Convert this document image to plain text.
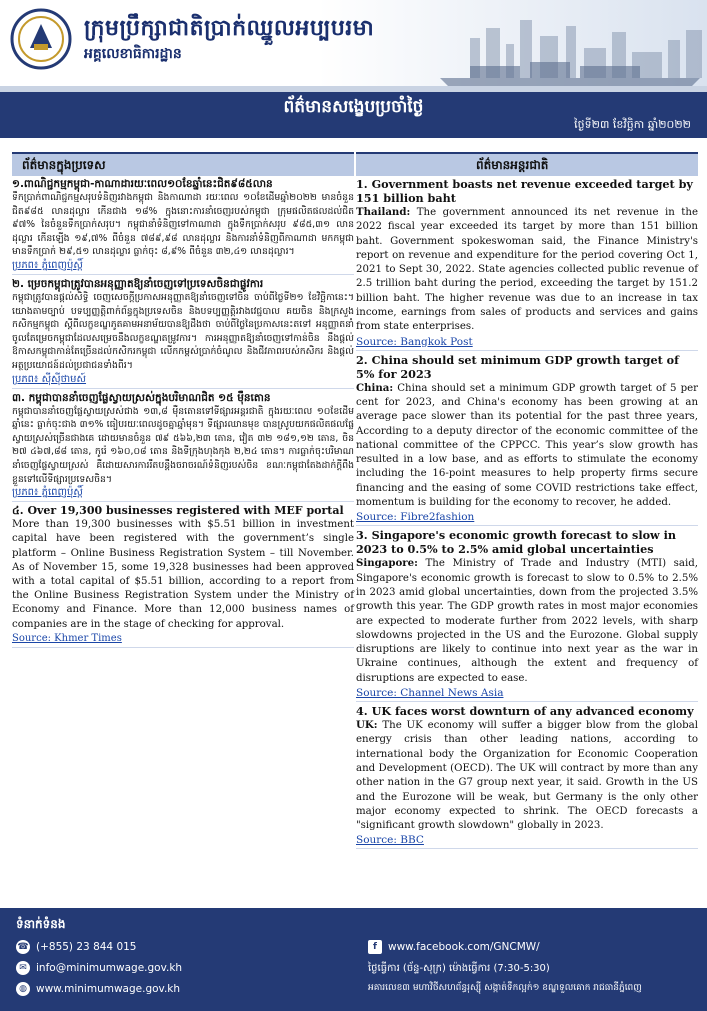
ក្រុមប្រឹក្សាជាតិប្រាក់ឈ្នួលអប្បបរមា
អគ្គលេខាធិការដ្ឋាន
ព័ត៌មានសង្ខេបប្រចាំថ្ងៃ
ថ្ងៃទី២៣ ខែវិច្ឆិកា ឆ្នាំ២០២២
ព័ត៌មានក្នុងប្រទេស

១.ពាណិជ្ជកម្មកម្ពុជា-កាណាដារយៈពេល១០ខែឆ្នាំនេះជិត៩៨៥លាន

ទឹកប្រាក់ពាណិជ្ជកម្មសរុបទំនិញរវាងកម្ពុជា និងកាណាដា រយៈពេល ១០ខែដើមឆ្នាំ២០២២ មានចំនួនជិត៩៨៥ លានដុល្លារ កើនជាង ១៨% ក្នុងនោះការនាំចេញរបស់កម្ពុជា ក្រុមផលិតផលដល់ជិត ៩៧% នៃចំនួនទឹកប្រាក់សរុប។ កម្ពុជានាំទំនិញទៅកាណាដា ក្នុងទឹកប្រាក់សរុប ៩៨៥,៣១ លានដុល្លារ កើនឡើង ១៩,៧% ពីចំនួន ៧៨៩,៩៨ លានដុល្លារ និងការនាំទំនិញពីកាណាដា មកកម្ពុជា មានទឹកប្រាក់ ២៩,៥១ លានដុល្លារ ធ្លាក់ចុះ ៨,៩% ពីចំនួន ៣២,៤១ លានដុល្លារ។

ប្រភព៖ ភ្នំពេញប៉ុស្តិ៍

២. ម្រេចកម្ពុជាត្រូវបានអនុញ្ញាតឱ្យនាំចេញទៅប្រទេសចិនជាផ្លូវការ

កម្ពុជាត្រូវបានផ្ដល់សិទ្ធិ ចេញសេចក្ដីប្រកាសអនុញ្ញាតឱ្យនាំចេញទៅចិន ចាប់ពីថ្ងៃទី២១ ខែវិច្ឆិកានេះ។ យោងតាមច្បាប់ បទប្បញ្ញត្តិពាក់ព័ន្ធក្នុងប្រទេសចិន និងបទប្បញ្ញត្តិរវាងវេជ្ជបាល គយចិន និងក្រសួងកសិកម្មកម្ពុជា ស្ដីពីលក្ខខណ្ឌភូតគាមអនាម័យបានឱ្យដឹងថា ចាប់ពីថ្ងៃនៃប្រកាសនេះតទៅ អនុញ្ញាតនាំចូលតែម្រេចកម្ពុជាដែលសម្រេចនឹងលក្ខខណ្ឌតម្រូវការ។ ការអនុញ្ញាតឱ្យនាំចេញទៅកាន់ចិន នឹងផ្ដល់ឱកាសកម្ពុជាកាន់តែច្រើនដល់កសិករកម្ពុជា លើកកម្ពស់ប្រាក់ចំណូល និងជីវភាពរបស់កសិករ និងផ្ដល់អត្ថប្រយោជន៍ដល់ប្រជាជនទាំងពីរ។

ប្រភព៖ ស៊ីស៊ីថាមស៍

៣. កម្ពុជាបាននាំចេញផ្លែស្វាយស្រស់ក្នុងបរិមាណជិត ១៥ ម៉ឺនតោន

កម្ពុជាបាននាំចេញផ្លែស្វាយស្រស់ជាង ១៣,៨ ម៉ឺនតោនទៅទីផ្សារអន្តរជាតិ ក្នុងរយៈពេល ១០ខែដើមឆ្នាំនេះ ធ្លាក់ចុះជាង ៣១% ធៀបរយៈពេលដូចគ្នាឆ្នាំមុន។ ទីផ្សារឈានមុខ បានស្រូបយកផលិតផលផ្លែស្វាយស្រស់ច្រើនជាងគេ ដោយមានចំនួន ៧៩ ៥៦៦,២៣ តោន, វៀត ៣២ ១៨១,១២ តោន, ចិន ២៧ ៤៦៧,៨៨ តោន, កូរ៉េ ១៦០,០៨ តោន និងទីក្រុងហុងកុង ២,២៤ តោន។ ការធ្លាក់ចុះបរិមាណនាំចេញផ្លែស្វាយស្រស់ គឺដោយសារការរឹតបន្តឹងចរាចរណ៍ទំនិញរបស់ចិន ខណៈកម្ពុជាតែងដាក់ក្ដីពឹងខ្លួនទៅលើទីផ្សារប្រទេសចិន។

ប្រភព៖ ភ្នំពេញប៉ុស្តិ៍

៤. Over 19,300 businesses registered with MEF portal

More than 19,300 businesses with $5.51 billion in investment capital have been registered with the government’s single platform – Online Business Registration System – till November. As of November 15, some 19,328 businesses had been approved with a total capital of $5.51 billion, according to a report from the Online Business Registration System under the Ministry of Economy and Finance. More than 12,000 business names of companies are in the stage of checking for approval.

Source: Khmer Times

ព័ត៌មានអន្តរជាតិ

1. Government boasts net revenue exceeded target by 151 billion baht

Thailand: The government announced its net revenue in the 2022 fiscal year exceeded its target by more than 151 billion baht. Government spokeswoman said, the Finance Ministry's report on revenue and expenditure for the period covering Oct 1, 2021 to Sept 30, 2022. State agencies collected public revenue of 2.5 trillion baht during the period, exceeding the target by 151.2 billion baht. The higher revenue was due to an increase in tax income, earnings from sales of products and services and gains from state enterprises.

Source: Bangkok Post

2. China should set minimum GDP growth target of 5% for 2023

China: China should set a minimum GDP growth target of 5 per cent for 2023, and China's economy has been growing at an average pace slower than its potential for the past three years, According to a deputy director of the economic committee of the national committee of the CPPCC. This year’s slow growth has resulted in a low base, and as efforts to stimulate the economy including the 16-point measures to help property firms secure financing and the easing of some COVID restrictions take effect, momentum is building for the economy to recover, he added.

Source: Fibre2fashion

3. Singapore's economic growth forecast to slow in 2023 to 0.5% to 2.5% amid global uncertainties

Singapore: The Ministry of Trade and Industry (MTI) said, Singapore's economic growth is forecast to slow to 0.5% to 2.5% in 2023 amid global uncertainties, down from the projected 3.5% growth this year. The GDP growth rates in most major economies are expected to moderate further from 2022 levels, with sharp slowdowns projected in the US and the Eurozone. Global supply disruptions are likely to continue into next year as the war in Ukraine continues, although the extent and frequency of disruptions are expected to ease.

Source: Channel News Asia

4. UK faces worst downturn of any advanced economy

UK: The UK economy will suffer a bigger blow from the global energy crisis than other leading nations, according to international body the Organization for Economic Cooperation and Development (OECD). The UK will contract by more than any other nation in the G7 group next year, it said. Growth in the US and the Eurozone will be weak, but Germany is the only other major economy expected to shrink. The OECD forecasts a "significant growth slowdown" globally in 2023.

Source: BBC

ទំនាក់ទំនង
☎ (+855) 23 844 015
✉ info@minimumwage.gov.kh
◍ www.minimumwage.gov.kh
f	www.facebook.com/GNCMW/
ថ្ងៃធ្វើការ (ច័ន្ទ-សុក្រ) ម៉ោងធ្វើការ (7:30-5:30)
អគារលេខ៣ មហាវិថីសហព័ន្ធរុស្ស៊ី សង្កាត់ទឹកល្អក់១ ខណ្ឌទួលគោក រាជធានីភ្នំពេញ
